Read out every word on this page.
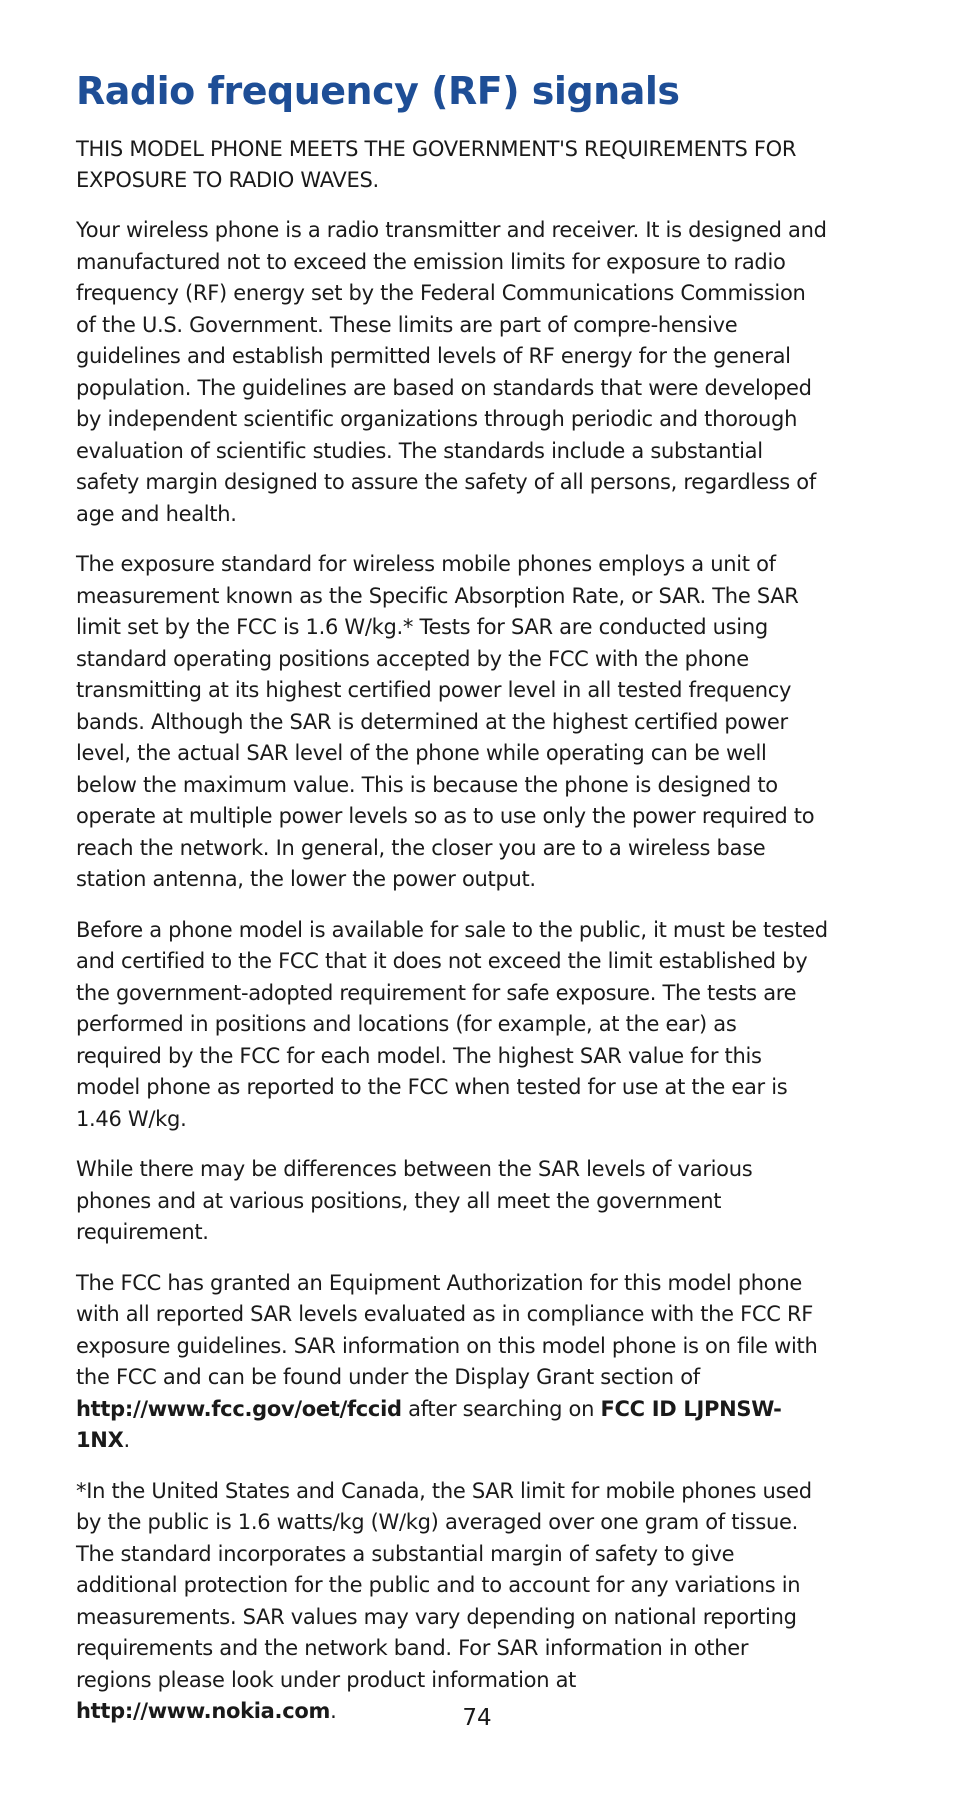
Radio frequency (RF) signals

THIS MODEL PHONE MEETS THE GOVERNMENT'S REQUIREMENTS FOR EXPOSURE TO RADIO WAVES.

Your wireless phone is a radio transmitter and receiver. It is designed and manufactured not to exceed the emission limits for exposure to radio frequency (RF) energy set by the Federal Communications Commission of the U.S. Government. These limits are part of compre-hensive guidelines and establish permitted levels of RF energy for the general population. The guidelines are based on standards that were developed by independent scientific organizations through periodic and thorough evaluation of scientific studies. The standards include a substantial safety margin designed to assure the safety of all persons, regardless of age and health.

The exposure standard for wireless mobile phones employs a unit of measurement known as the Specific Absorption Rate, or SAR. The SAR limit set by the FCC is 1.6 W/kg.* Tests for SAR are conducted using standard operating positions accepted by the FCC with the phone transmitting at its highest certified power level in all tested frequency bands. Although the SAR is determined at the highest certified power level, the actual SAR level of the phone while operating can be well below the maximum value. This is because the phone is designed to operate at multiple power levels so as to use only the power required to reach the network. In general, the closer you are to a wireless base station antenna, the lower the power output.

Before a phone model is available for sale to the public, it must be tested and certified to the FCC that it does not exceed the limit established by the government-adopted requirement for safe exposure. The tests are performed in positions and locations (for example, at the ear) as required by the FCC for each model. The highest SAR value for this model phone as reported to the FCC when tested for use at the ear is 1.46 W/kg.

While there may be differences between the SAR levels of various phones and at various positions, they all meet the government requirement.

The FCC has granted an Equipment Authorization for this model phone with all reported SAR levels evaluated as in compliance with the FCC RF exposure guidelines. SAR information on this model phone is on file with the FCC and can be found under the Display Grant section of http://www.fcc.gov/oet/fccid after searching on FCC ID LJPNSW-1NX.

*In the United States and Canada, the SAR limit for mobile phones used by the public is 1.6 watts/kg (W/kg) averaged over one gram of tissue. The standard incorporates a substantial margin of safety to give additional protection for the public and to account for any variations in measurements. SAR values may vary depending on national reporting requirements and the network band. For SAR information in other regions please look under product information at http://www.nokia.com.	74
